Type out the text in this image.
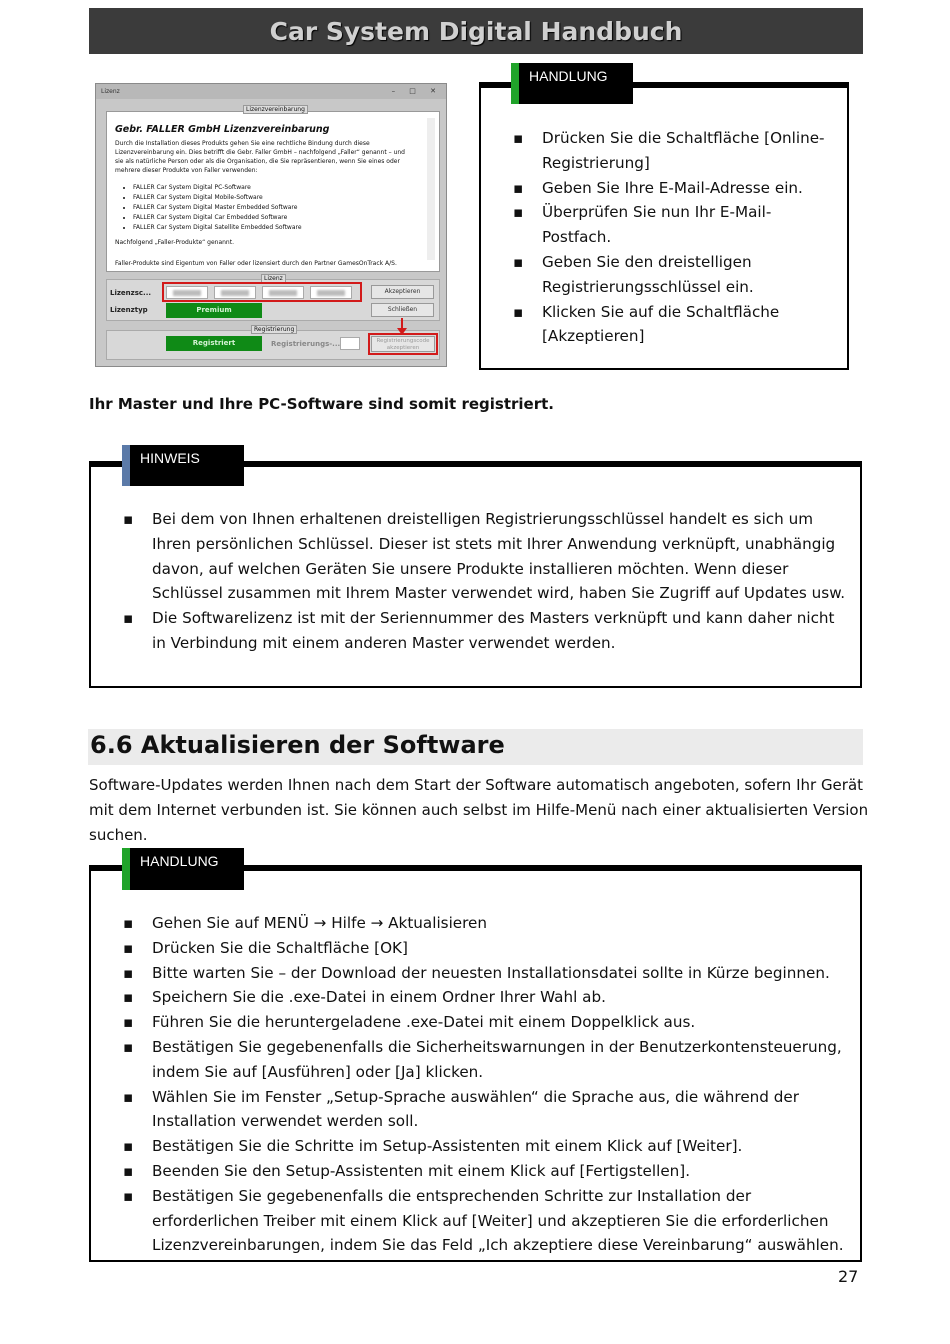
Car System Digital Handbuch
Lizenz	– □ ✕
Gebr. FALLER GmbH Lizenzvereinbarung
Durch die Installation dieses Produkts gehen Sie eine rechtliche Bindung durch diese Lizenzvereinbarung ein. Dies betrifft die Gebr. Faller GmbH – nachfolgend „Faller“ genannt – und sie als natürliche Person oder als die Organisation, die Sie repräsentieren, wenn Sie eines oder mehrere dieser Produkte von Faller verwenden:
• FALLER Car System Digital PC-Software
• FALLER Car System Digital Mobile-Software
• FALLER Car System Digital Master Embedded Software
• FALLER Car System Digital Car Embedded Software
• FALLER Car System Digital Satellite Embedded Software
Nachfolgend „Faller-Produkte“ genannt.
Faller-Produkte sind Eigentum von Faller oder lizensiert durch den Partner GamesOnTrack A/S.
Lizenzvereinbarung
Lizenz
Lizenzsc...
Lizenztyp	Premium
Akzeptieren
Schließen
Registrierung
Registriert	Registrierungs-...	Registrierungscode
akzeptieren
▪ Drücken Sie die Schaltfläche [Online-Registrierung]
▪ Geben Sie Ihre E-Mail-Adresse ein.
▪ Überprüfen Sie nun Ihr E-Mail-Postfach.
▪ Geben Sie den dreistelligen Registrierungsschlüssel ein.
▪ Klicken Sie auf die Schaltfläche [Akzeptieren]
HANDLUNG
Ihr Master und Ihre PC-Software sind somit registriert.
▪ Bei dem von Ihnen erhaltenen dreistelligen Registrierungsschlüssel handelt es sich um Ihren persönlichen Schlüssel. Dieser ist stets mit Ihrer Anwendung verknüpft, unabhängig davon, auf welchen Geräten Sie unsere Produkte installieren möchten. Wenn dieser Schlüssel zusammen mit Ihrem Master verwendet wird, haben Sie Zugriff auf Updates usw.
▪ Die Softwarelizenz ist mit der Seriennummer des Masters verknüpft und kann daher nicht in Verbindung mit einem anderen Master verwendet werden.
HINWEIS
6.6 Aktualisieren der Software
Software-Updates werden Ihnen nach dem Start der Software automatisch angeboten, sofern Ihr Gerät mit dem Internet verbunden ist. Sie können auch selbst im Hilfe-Menü nach einer aktualisierten Version suchen.
▪ Gehen Sie auf MENÜ → Hilfe → Aktualisieren
▪ Drücken Sie die Schaltfläche [OK]
▪ Bitte warten Sie – der Download der neuesten Installationsdatei sollte in Kürze beginnen.
▪ Speichern Sie die .exe-Datei in einem Ordner Ihrer Wahl ab.
▪ Führen Sie die heruntergeladene .exe-Datei mit einem Doppelklick aus.
▪ Bestätigen Sie gegebenenfalls die Sicherheitswarnungen in der Benutzerkontensteuerung, indem Sie auf [Ausführen] oder [Ja] klicken.
▪ Wählen Sie im Fenster „Setup-Sprache auswählen“ die Sprache aus, die während der Installation verwendet werden soll.
▪ Bestätigen Sie die Schritte im Setup-Assistenten mit einem Klick auf [Weiter].
▪ Beenden Sie den Setup-Assistenten mit einem Klick auf [Fertigstellen].
▪ Bestätigen Sie gegebenenfalls die entsprechenden Schritte zur Installation der erforderlichen Treiber mit einem Klick auf [Weiter] und akzeptieren Sie die erforderlichen Lizenzvereinbarungen, indem Sie das Feld „Ich akzeptiere diese Vereinbarung“ auswählen.
HANDLUNG
27
